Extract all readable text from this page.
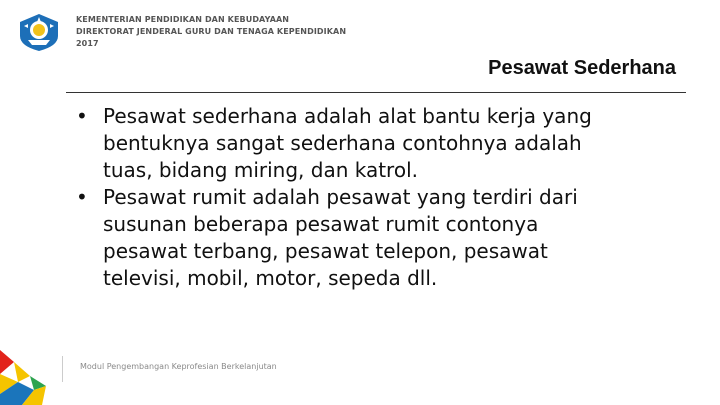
KEMENTERIAN PENDIDIKAN DAN KEBUDAYAAN
DIREKTORAT JENDERAL GURU DAN TENAGA KEPENDIDIKAN
2017
Pesawat Sederhana
• Pesawat sederhana adalah alat bantu kerja yang
bentuknya sangat sederhana contohnya adalah
tuas, bidang miring, dan katrol.
• Pesawat rumit adalah pesawat yang terdiri dari
susunan beberapa pesawat rumit contonya
pesawat terbang, pesawat telepon, pesawat
televisi, mobil, motor, sepeda dll.
Modul Pengembangan Keprofesian Berkelanjutan
